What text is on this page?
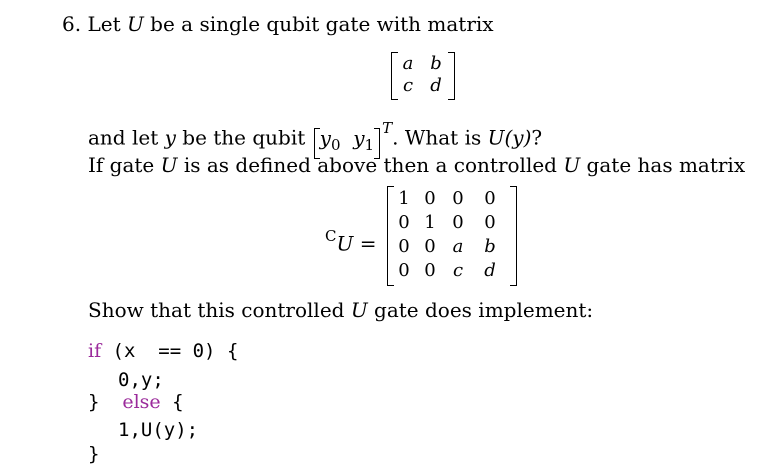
6. Let U be a single qubit gate with matrix
a b
c d
and let y be the qubit
$y_0$ $y_1$
$^T$. What is U(y)?
If gate U is as defined above then a controlled U gate has matrix
$^C$U =
1 0 0 0
0 1 0 0
0 0 a	b
0 0 c	d
Show that this controlled U gate does implement:
if (x  == 0) {
0,y;
} else {
1,U(y);
}
